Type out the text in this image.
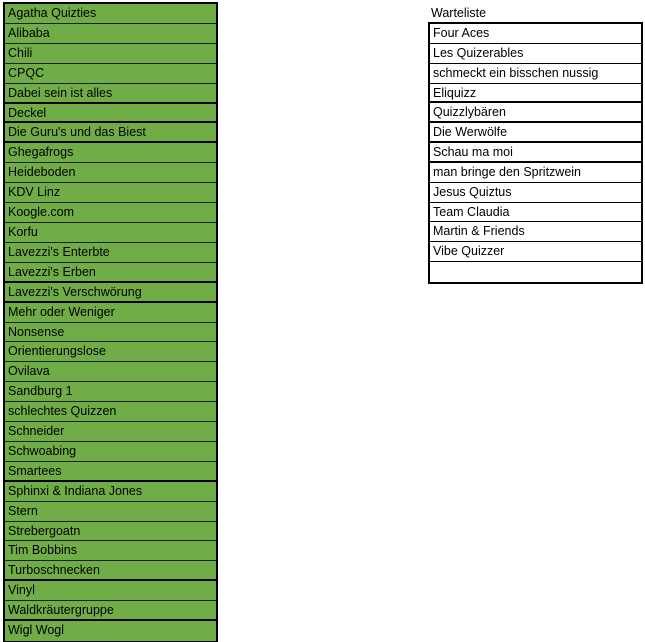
Agatha Quizties
Alibaba
Chili
CPQC
Dabei sein ist alles
Deckel
Die Guru's und das Biest
Ghegafrogs
Heideboden
KDV Linz
Koogle.com
Korfu
Lavezzi's Enterbte
Lavezzi's Erben
Lavezzi's Verschwörung
Mehr oder Weniger
Nonsense
Orientierungslose
Ovilava
Sandburg 1
schlechtes Quizzen
Schneider
Schwoabing
Smartees
Sphinxi & Indiana Jones
Stern
Strebergoatn
Tim Bobbins
Turboschnecken
Vinyl
Waldkräutergruppe
Wigl Wogl
Warteliste
Four Aces
Les Quizerables
schmeckt ein bisschen nussig
Eliquizz
Quizzlybären
Die Werwölfe
Schau ma moi
man bringe den Spritzwein
Jesus Quiztus
Team Claudia
Martin & Friends
Vibe Quizzer
